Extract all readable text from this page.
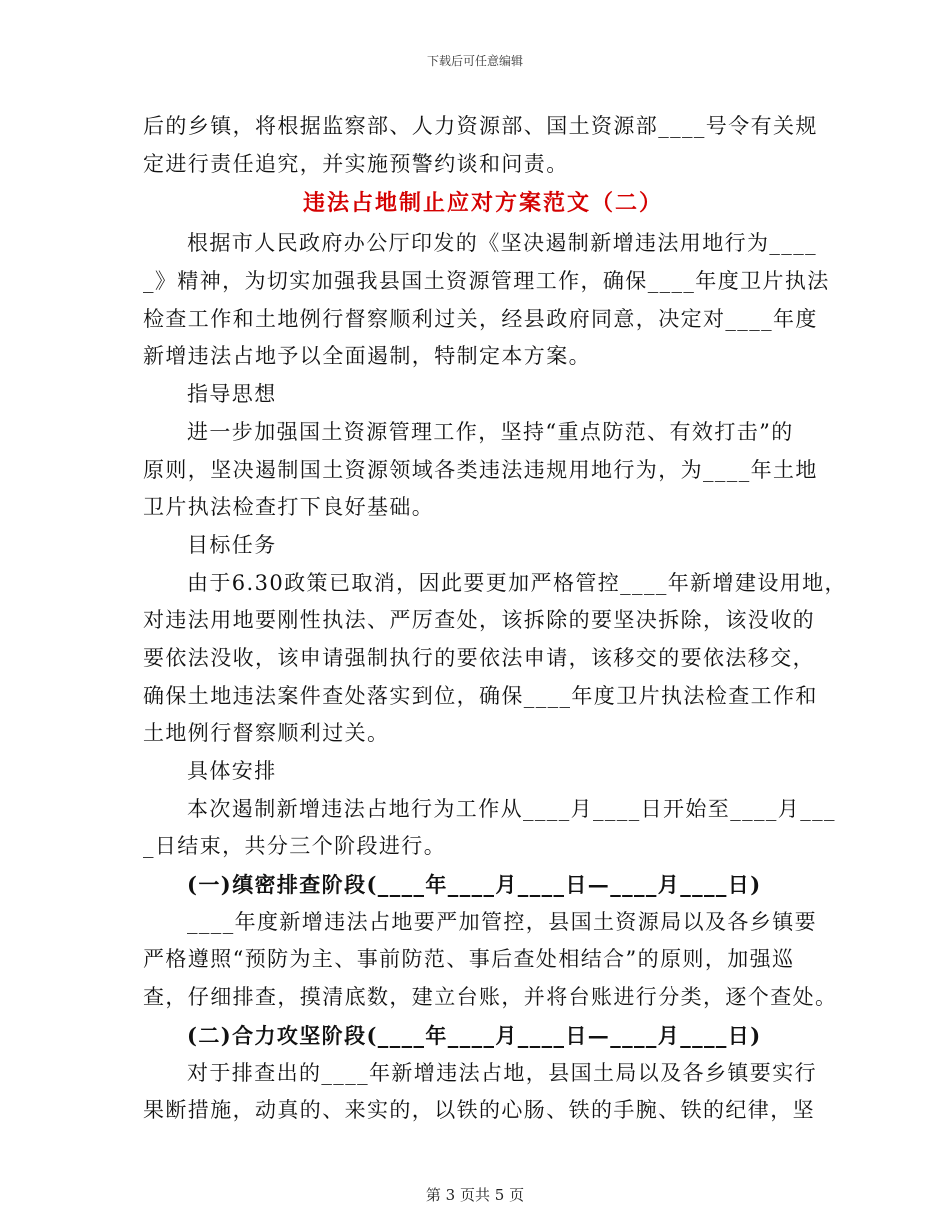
下载后可任意编辑
后的乡镇，将根据监察部、人力资源部、国土资源部____号令有关规
定进行责任追究，并实施预警约谈和问责。
违法占地制止应对方案范文（二）
根据市人民政府办公厅印发的《坚决遏制新增违法用地行为____
_》精神，为切实加强我县国土资源管理工作，确保____年度卫片执法
检查工作和土地例行督察顺利过关，经县政府同意，决定对____年度
新增违法占地予以全面遏制，特制定本方案。
指导思想
进一步加强国土资源管理工作，坚持“重点防范、有效打击”的
原则，坚决遏制国土资源领域各类违法违规用地行为，为____年土地
卫片执法检查打下良好基础。
目标任务
由于6.30政策已取消，因此要更加严格管控____年新增建设用地，
对违法用地要刚性执法、严厉查处，该拆除的要坚决拆除，该没收的
要依法没收，该申请强制执行的要依法申请，该移交的要依法移交，
确保土地违法案件查处落实到位，确保____年度卫片执法检查工作和
土地例行督察顺利过关。
具体安排
本次遏制新增违法占地行为工作从____月____日开始至____月___
_日结束，共分三个阶段进行。
(一)缜密排查阶段(____年____月____日—____月____日)
____年度新增违法占地要严加管控，县国土资源局以及各乡镇要
严格遵照“预防为主、事前防范、事后查处相结合”的原则，加强巡
查，仔细排查，摸清底数，建立台账，并将台账进行分类，逐个查处。
(二)合力攻坚阶段(____年____月____日—____月____日)
对于排查出的____年新增违法占地，县国土局以及各乡镇要实行
果断措施，动真的、来实的，以铁的心肠、铁的手腕、铁的纪律，坚
第 3 页共 5 页
